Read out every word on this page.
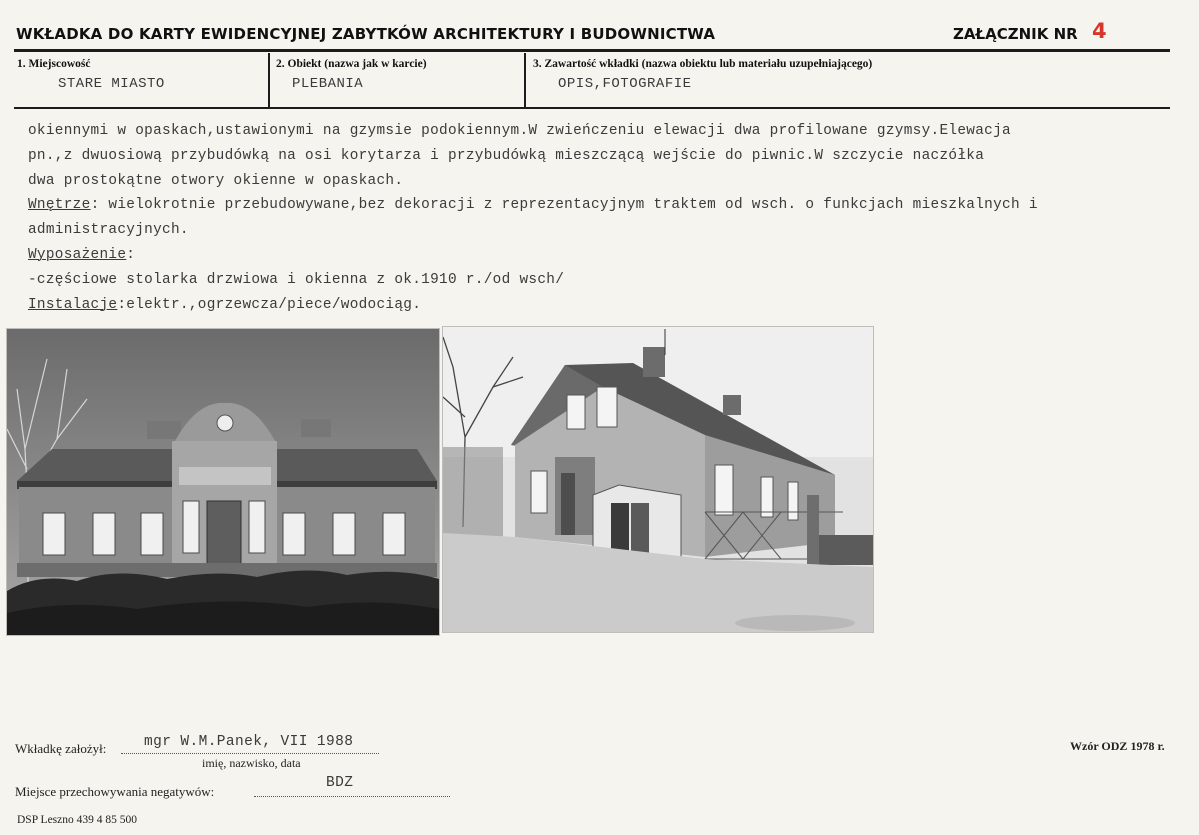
WKŁADKA DO KARTY EWIDENCYJNEJ ZABYTKÓW ARCHITEKTURY I BUDOWNICTWA	ZAŁĄCZNIK NR 4
1. Miejscowość
STARE MIASTO
2. Obiekt (nazwa jak w karcie)
PLEBANIA
3. Zawartość wkładki (nazwa obiektu lub materiału uzupełniającego)
OPIS,FOTOGRAFIE
okiennymi w opaskach,ustawionymi na gzymsie podokiennym.W zwieńczeniu elewacji dwa profilowane gzymsy.Elewacja
pn.,z dwuosiową przybudówką na osi korytarza i przybudówką mieszczącą wejście do piwnic.W szczycie naczółka
dwa prostokątne otwory okienne w opaskach.
Wnętrze: wielokrotnie przebudowywane,bez dekoracji z reprezentacyjnym traktem od wsch. o funkcjach mieszkalnych i
administracyjnych.
Wyposażenie:
-częściowe stolarka drzwiowa i okienna z ok.1910 r./od wsch/
Instalacje:elektr.,ogrzewcza/piece/wodociąg.
Wkładkę założył:	mgr W.M.Panek, VII 1988
imię, nazwisko, data
Miejsce przechowywania negatywów:
BDZ
Wzór ODZ 1978 r.
DSP Leszno 439 4 85 500
